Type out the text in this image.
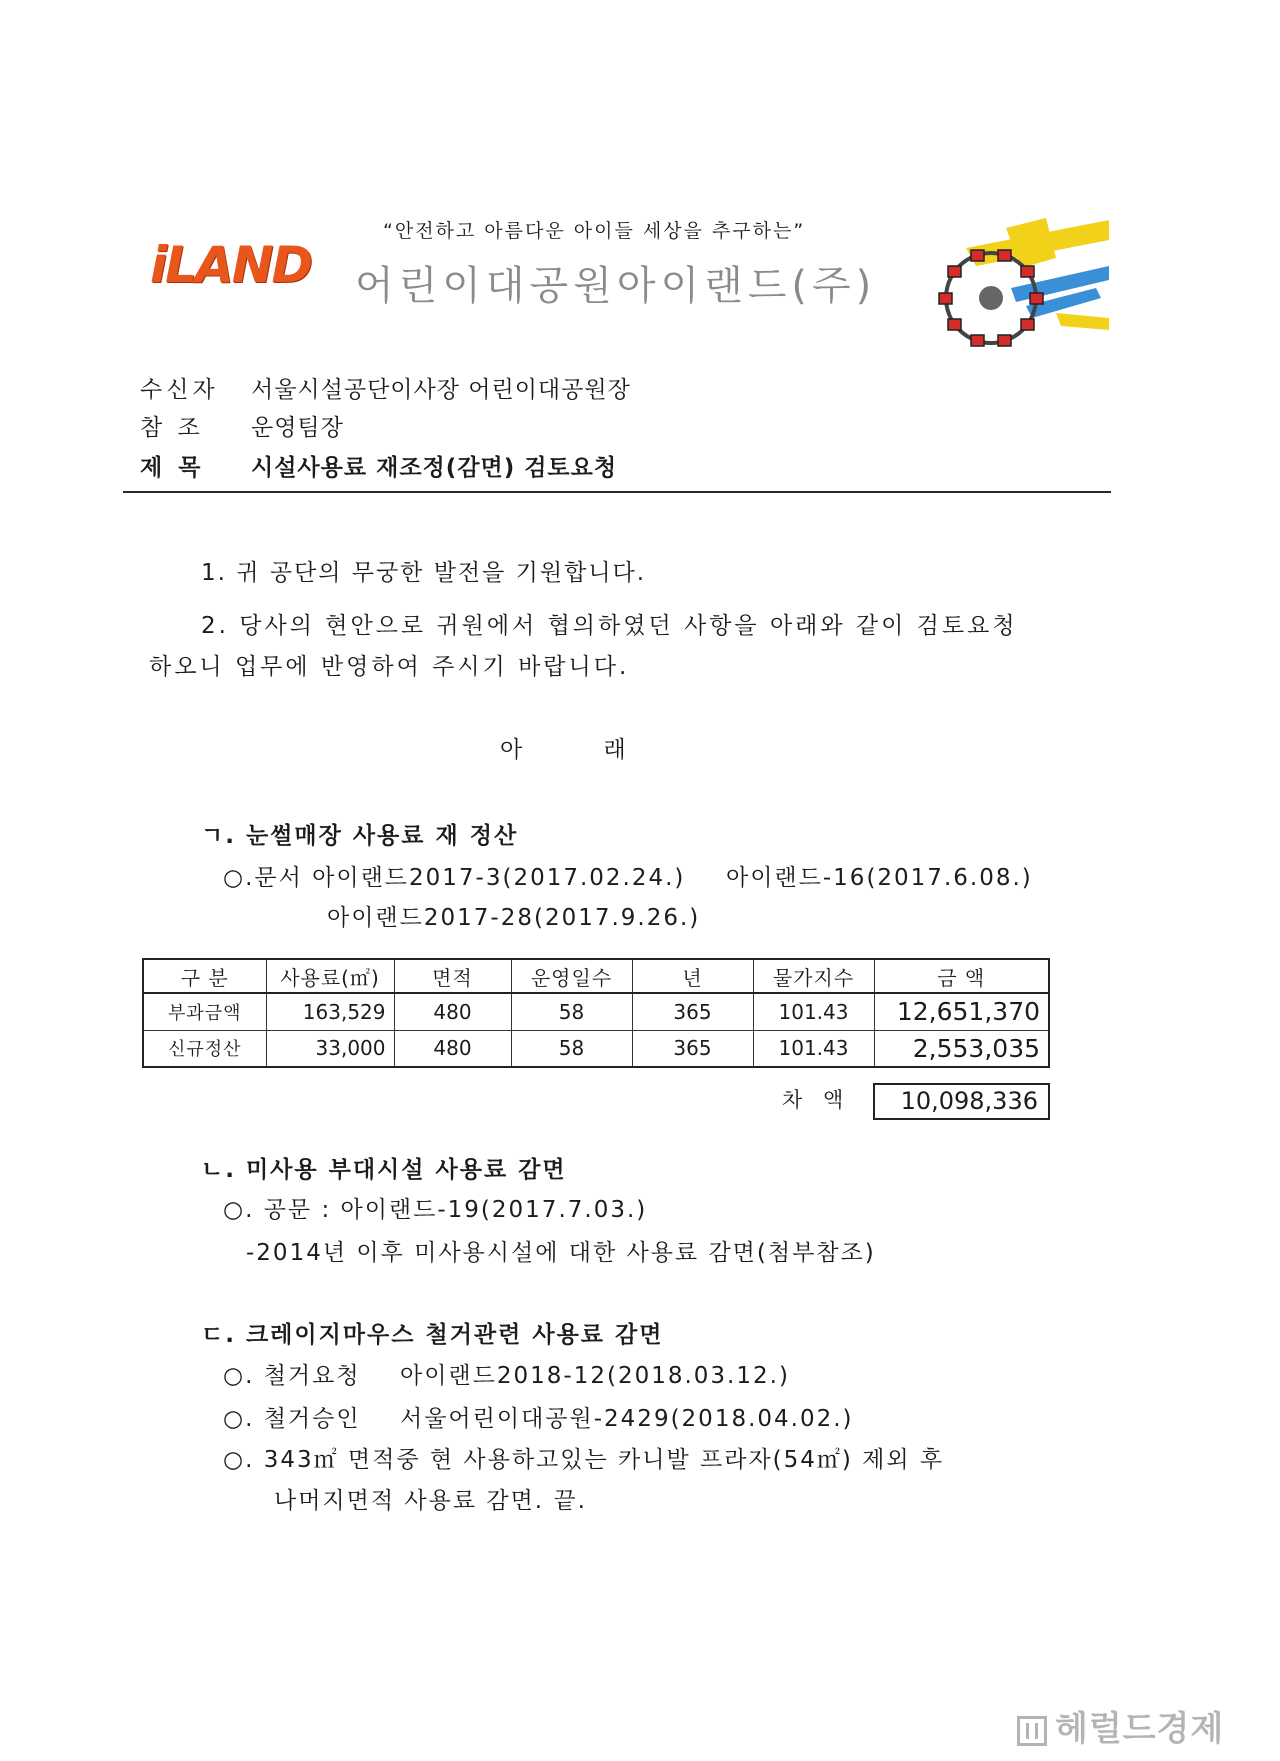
“안전하고 아름다운 아이들 세상을 추구하는”
iLAND 어린이대공원아이랜드(주)
수신자 서울시설공단이사장 어린이대공원장
참 조 운영팀장
제 목 시설사용료 재조정(감면) 검토요청
1. 귀 공단의 무궁한 발전을 기원합니다.
2. 당사의 현안으로 귀원에서 협의하였던 사항을 아래와 같이 검토요청
하오니 업무에 반영하여 주시기 바랍니다.
아 래
ㄱ. 눈썰매장 사용료 재 정산
○.문서 아이랜드2017-3(2017.02.24.) 아이랜드-16(2017.6.08.)
아이랜드2017-28(2017.9.26.)
구 분	사용료(㎡)	면적	운영일수	년	물가지수	금 액
부과금액	163,529	480	58	365	101.43	12,651,370
신규정산	33,000	480	58	365	101.43	2,553,035
차 액	10,098,336
ㄴ. 미사용 부대시설 사용료 감면
○. 공문 : 아이랜드-19(2017.7.03.)
-2014년 이후 미사용시설에 대한 사용료 감면(첨부참조)
ㄷ. 크레이지마우스 철거관련 사용료 감면
○. 철거요청 아이랜드2018-12(2018.03.12.)
○. 철거승인 서울어린이대공원-2429(2018.04.02.)
○. 343㎡ 면적중 현 사용하고있는 카니발 프라자(54㎡) 제외 후
나머지면적 사용료 감면. 끝.
헤럴드경제
